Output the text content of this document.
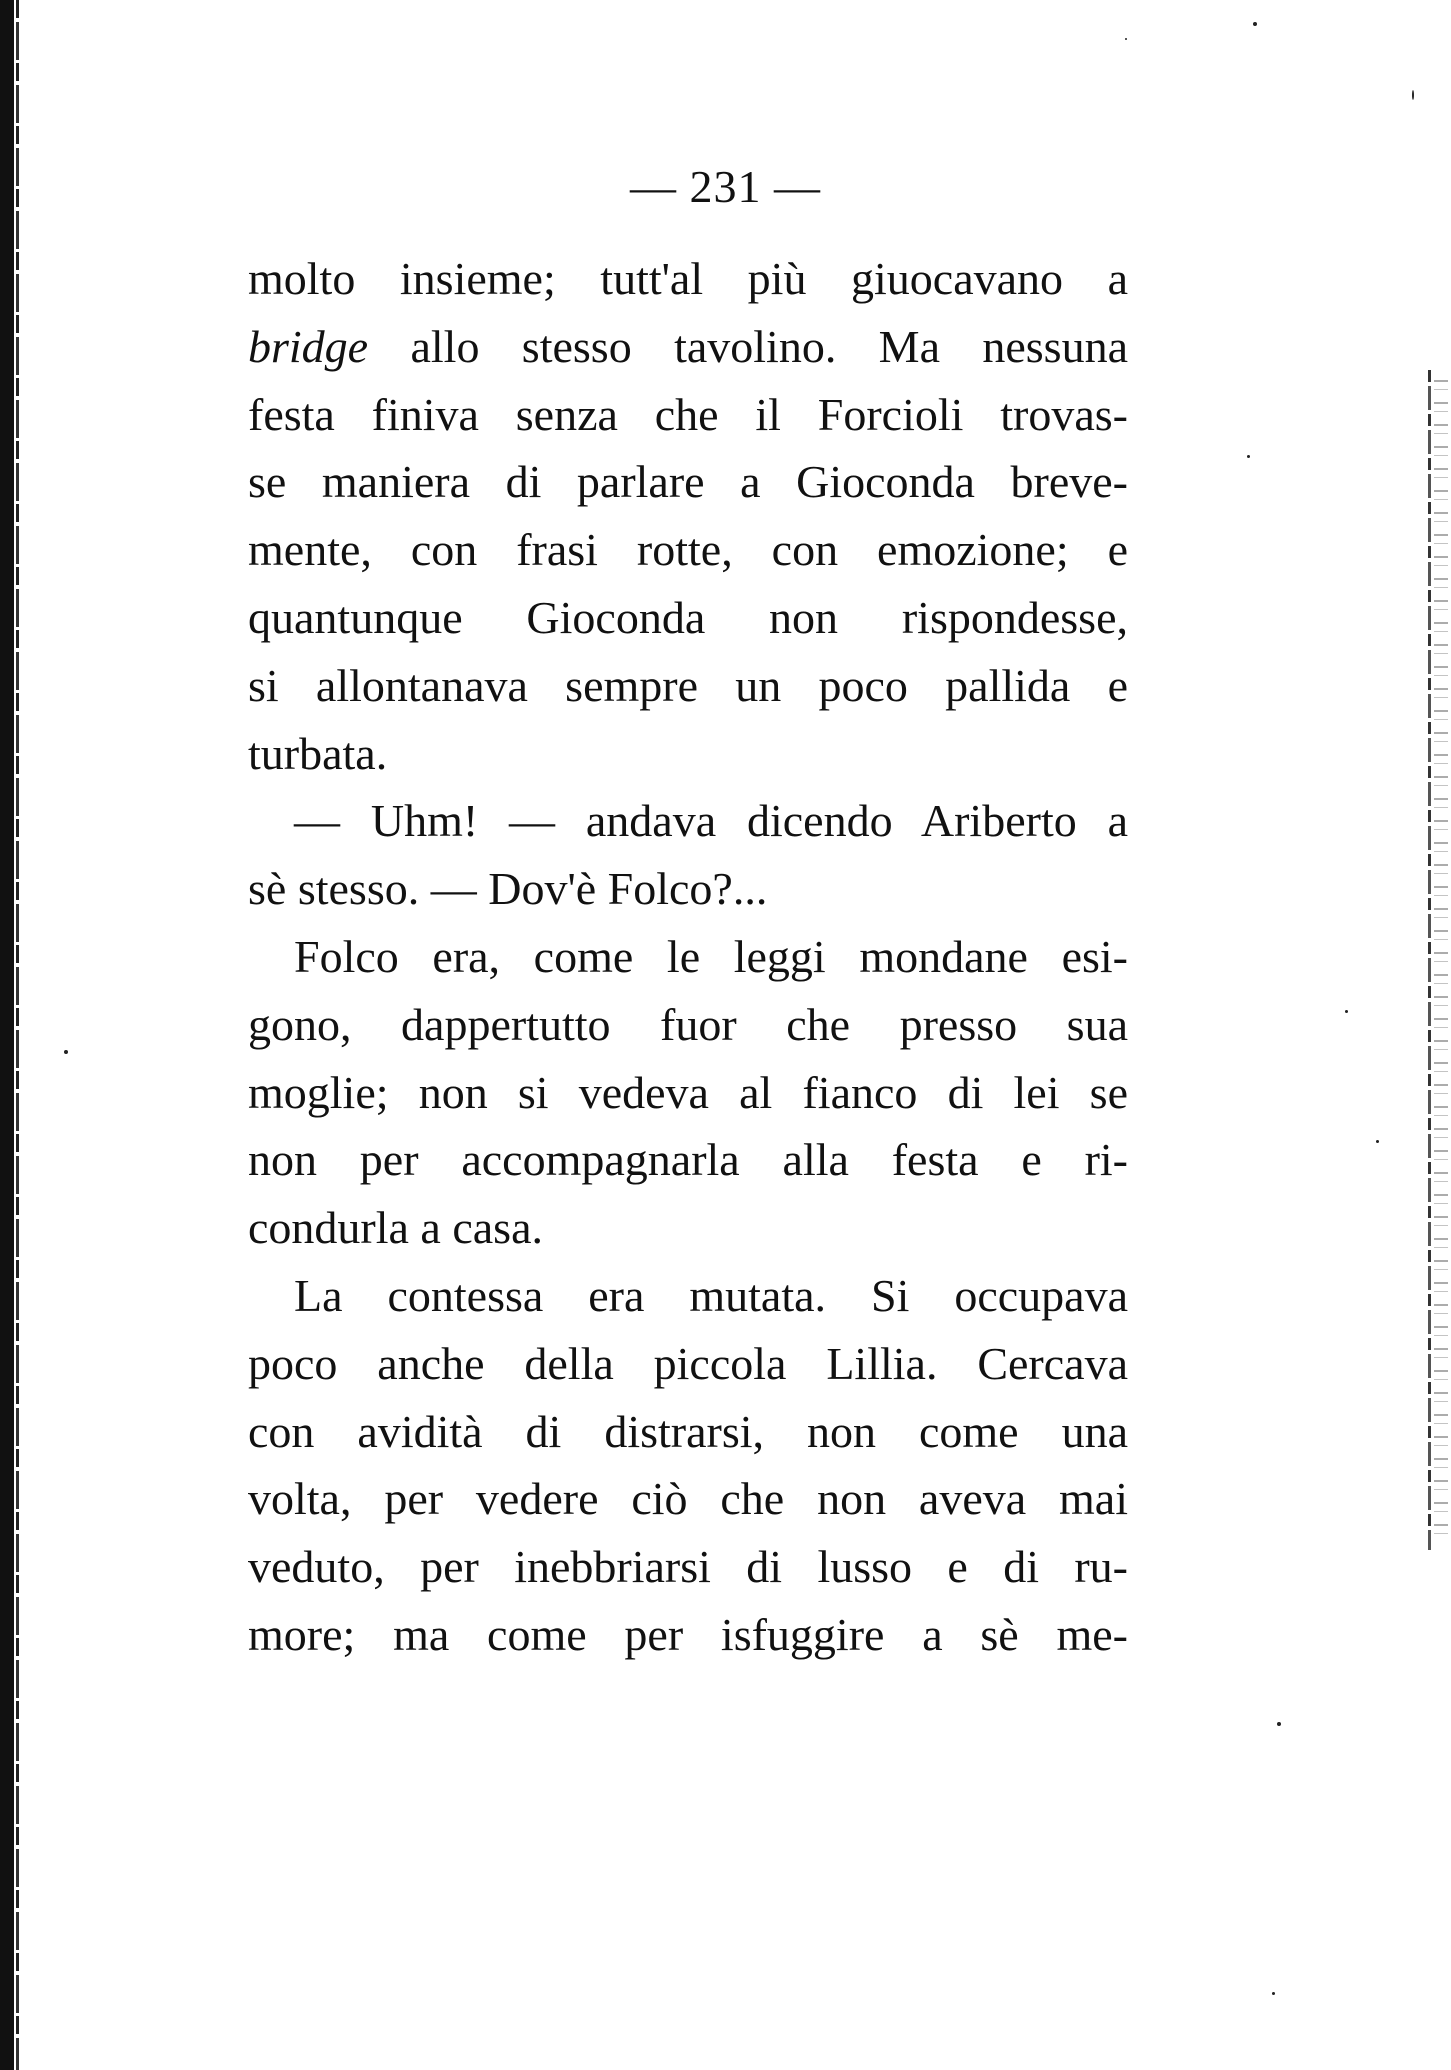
— 231 —
molto insieme; tutt'al più giuocavano a
bridge allo stesso tavolino. Ma nessuna
festa finiva senza che il Forcioli trovas-
se maniera di parlare a Gioconda breve-
mente, con frasi rotte, con emozione; e
quantunque Gioconda non rispondesse,
si allontanava sempre un poco pallida e
turbata.
— Uhm! — andava dicendo Ariberto a
sè stesso. — Dov'è Folco?...
Folco era, come le leggi mondane esi-
gono, dappertutto fuor che presso sua
moglie; non si vedeva al fianco di lei se
non per accompagnarla alla festa e ri-
condurla a casa.
La contessa era mutata. Si occupava
poco anche della piccola Lillia. Cercava
con avidità di distrarsi, non come una
volta, per vedere ciò che non aveva mai
veduto, per inebbriarsi di lusso e di ru-
more; ma come per isfuggire a sè me-
